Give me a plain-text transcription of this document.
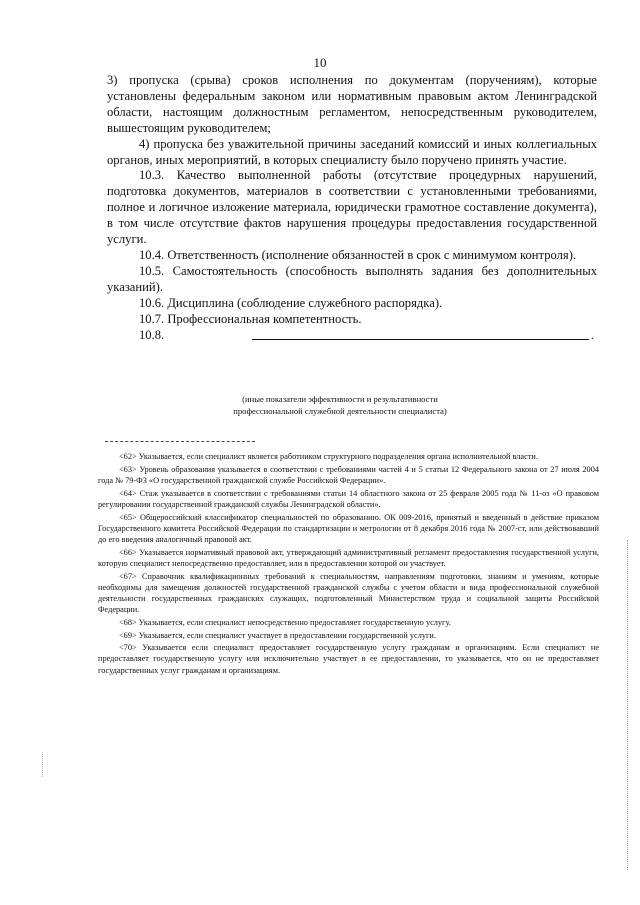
10

3) пропуска (срыва) сроков исполнения по документам (поручениям), которые установлены федеральным законом или нормативным правовым актом Ленинградской области, настоящим должностным регламентом, непосредственным руководителем, вышестоящим руководителем;

4) пропуска без уважительной причины заседаний комиссий и иных коллегиальных органов, иных мероприятий, в которых специалисту было поручено принять участие.

10.3. Качество выполненной работы (отсутствие процедурных нарушений, подготовка документов, материалов в соответствии с установленными требованиями, полное и логичное изложение материала, юридически грамотное составление документа), в том числе отсутствие фактов нарушения процедуры предоставления государственной услуги.

10.4. Ответственность (исполнение обязанностей в срок с минимумом контроля).

10.5. Самостоятельность (способность выполнять задания без дополнительных указаний).

10.6. Дисциплина (соблюдение служебного распорядка).

10.7. Профессиональная компетентность.

10.8.	.

(иные показатели эффективности и результативности
профессиональной служебной деятельности специалиста)

<62> Указывается, если специалист является работником структурного подразделения органа исполнительной власти.

<63> Уровень образования указывается в соответствии с требованиями частей 4 и 5 статьи 12 Федерального закона от 27 июля 2004 года № 79-ФЗ «О государственной гражданской службе Российской Федерации».

<64> Стаж указывается в соответствии с требованиями статьи 14 областного закона от 25 февраля 2005 года № 11-оз «О правовом регулировании государственной гражданской службы Ленинградской области».

<65> Общероссийский классификатор специальностей по образованию. ОК 009-2016, принятый и введенный в действие приказом Государственного комитета Российской Федерации по стандартизации и метрологии от 8 декабря 2016 года № 2007-ст, или действовавший до его введения аналогичный правовой акт.

<66> Указывается нормативный правовой акт, утверждающий административный регламент предоставления государственной услуги, которую специалист непосредственно предоставляет, или в предоставлении которой он участвует.

<67> Справочник квалификационных требований к специальностям, направлениям подготовки, знаниям и умениям, которые необходимы для замещения должностей государственной гражданской службы с учетом области и вида профессиональной служебной деятельности государственных гражданских служащих, подготовленный Министерством труда и социальной защиты Российской Федерации.

<68> Указывается, если специалист непосредственно предоставляет государственную услугу.

<69> Указывается, если специалист участвует в предоставлении государственной услуги.

<70> Указывается если специалист предоставляет государственную услугу гражданам и организациям. Если специалист не предоставляет государственную услугу или исключительно участвует в ее предоставлении, то указывается, что он не предоставляет государственных услуг гражданам и организациям.
